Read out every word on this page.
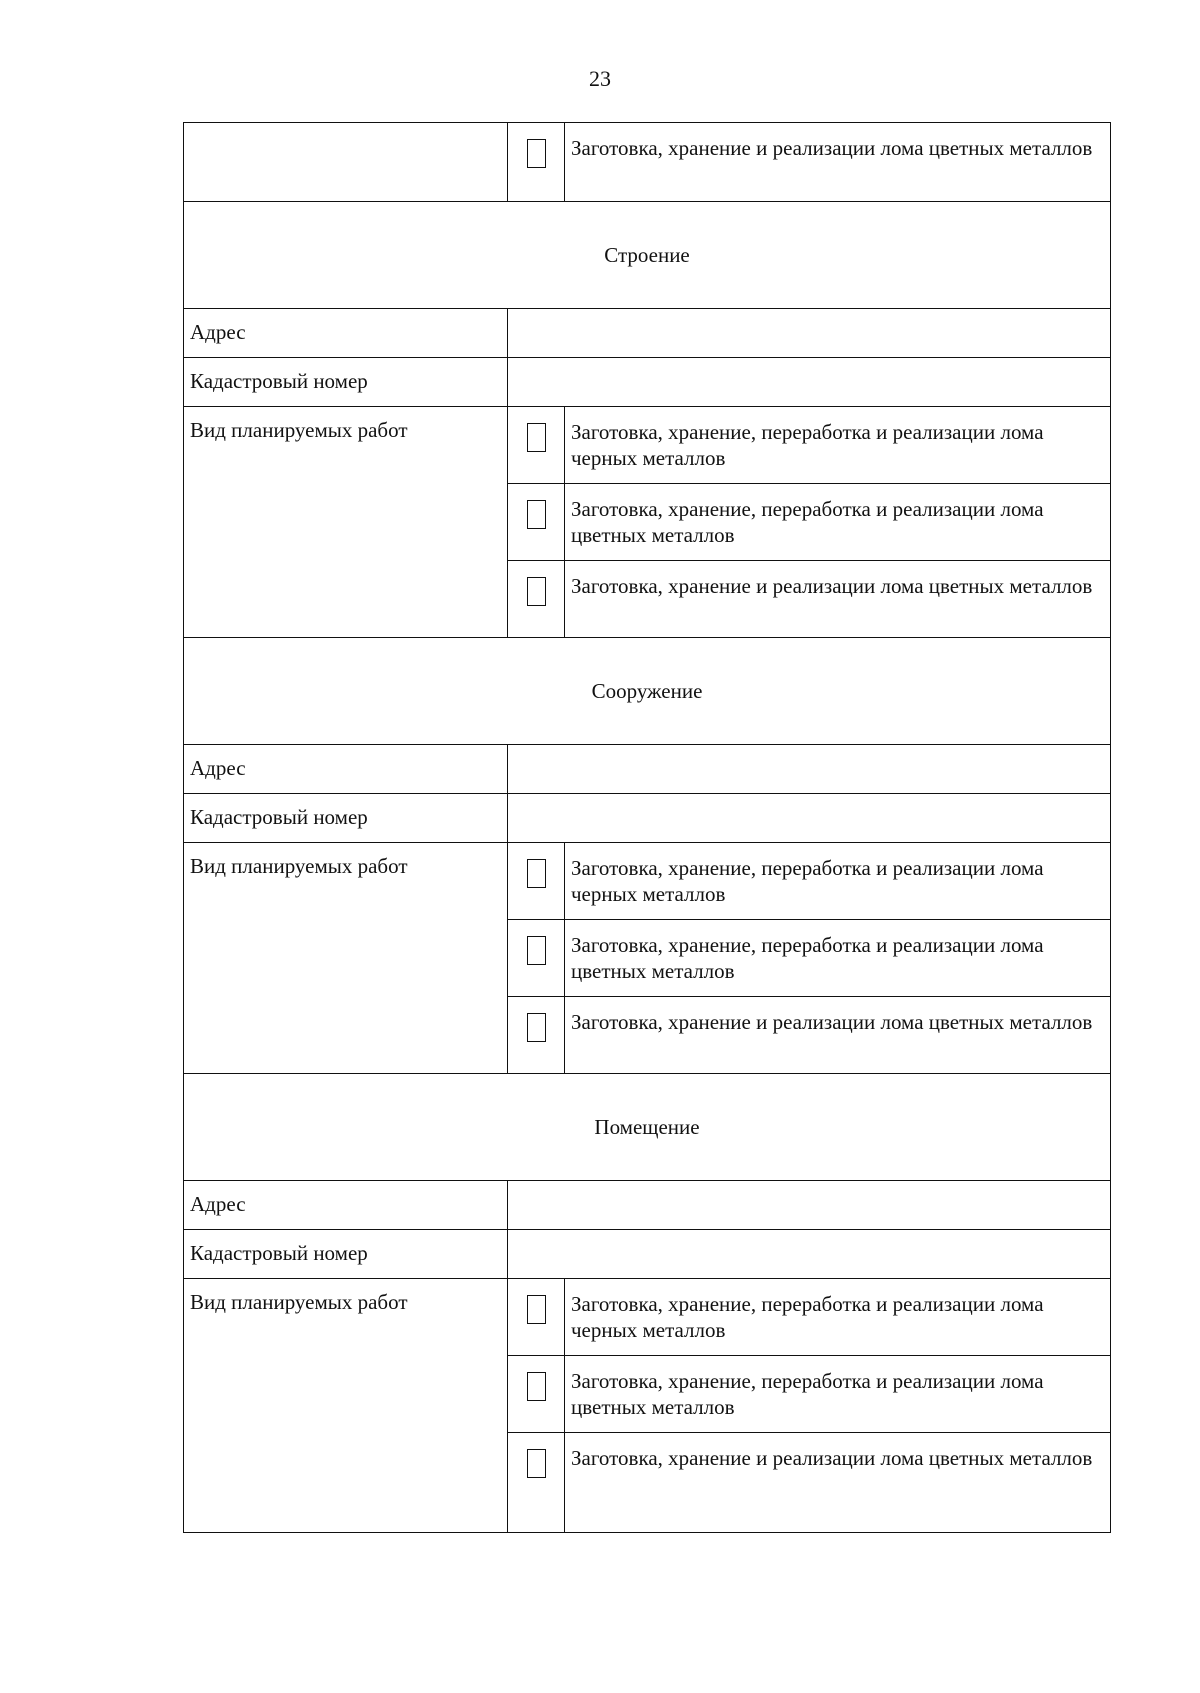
23
		Заготовка, хранение и реализации лома цветных металлов
Строение		
Адрес		
Кадастровый номер		
Вид планируемых работ		Заготовка, хранение, переработка и реализации лома черных металлов
		Заготовка, хранение, переработка и реализации лома цветных металлов
		Заготовка, хранение и реализации лома цветных металлов
Сооружение		
Адрес		
Кадастровый номер		
Вид планируемых работ		Заготовка, хранение, переработка и реализации лома черных металлов
		Заготовка, хранение, переработка и реализации лома цветных металлов
		Заготовка, хранение и реализации лома цветных металлов
Помещение		
Адрес		
Кадастровый номер		
Вид планируемых работ		Заготовка, хранение, переработка и реализации лома черных металлов
		Заготовка, хранение, переработка и реализации лома цветных металлов
		Заготовка, хранение и реализации лома цветных металлов
